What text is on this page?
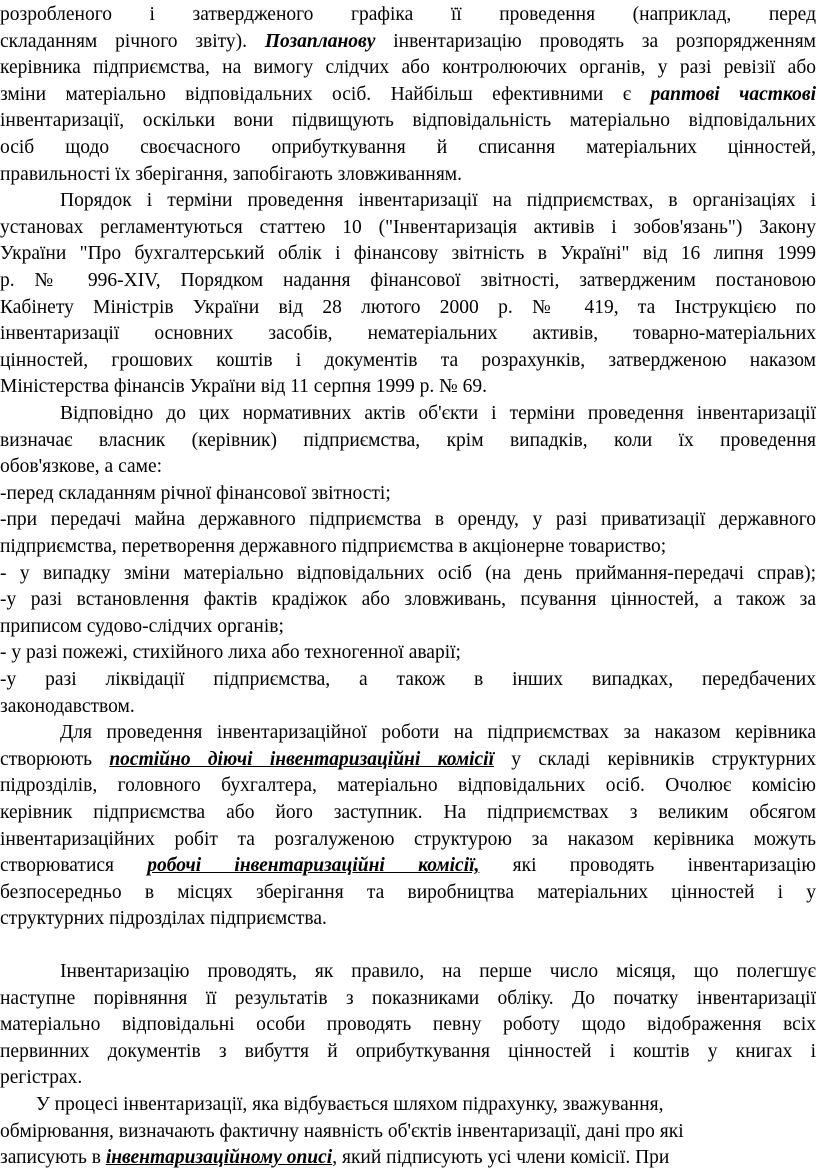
розробленого і затвердженого графіка її проведення (наприклад, перед
складанням річного звіту). Позапланову інвентаризацію проводять за розпорядженням
керівника підприємства, на вимогу слідчих або контролюючих органів, у разі ревізії або
зміни матеріально відповідальних осіб. Найбільш ефективними є раптові часткові
інвентаризації, оскільки вони підвищують відповідальність матеріально відповідальних
осіб щодо своєчасного оприбуткування й списання матеріальних цінностей,
правильності їх зберігання, запобігають зловживанням.
Порядок і терміни проведення інвентаризації на підприємствах, в організаціях і
установах регламентуються статтею 10 ("Інвентаризація активів і зобов'язань") Закону
України "Про бухгалтерський облік і фінансову звітність в Україні" від 16 липня 1999
р. № 996-XIV, Порядком надання фінансової звітності, затвердженим постановою
Кабінету Міністрів України від 28 лютого 2000 р. № 419, та Інструкцією по
інвентаризації основних засобів, нематеріальних активів, товарно-матеріальних
цінностей, грошових коштів і документів та розрахунків, затвердженою наказом
Міністерства фінансів України від 11 серпня 1999 р. № 69.
Відповідно до цих нормативних актів об'єкти і терміни проведення інвентаризації
визначає власник (керівник) підприємства, крім випадків, коли їх проведення
обов'язкове, а саме:
-перед складанням річної фінансової звітності;
-при передачі майна державного підприємства в оренду, у разі приватизації державного
підприємства, перетворення державного підприємства в акціонерне товариство;
- у випадку зміни матеріально відповідальних осіб (на день приймання-передачі справ);
-у разі встановлення фактів крадіжок або зловживань, псування цінностей, а також за
приписом судово-слідчих органів;
- у разі пожежі, стихійного лиха або техногенної аварії;
-у разі ліквідації підприємства, а також в інших випадках, передбачених
законодавством.
Для проведення інвентаризаційної роботи на підприємствах за наказом керівника
створюють постійно діючі інвентаризаційні комісії у складі керівників структурних
підрозділів, головного бухгалтера, матеріально відповідальних осіб. Очолює комісію
керівник підприємства або його заступник. На підприємствах з великим обсягом
інвентаризаційних робіт та розгалуженою структурою за наказом керівника можуть
створюватися робочі інвентаризаційні комісії, які проводять інвентаризацію
безпосередньо в місцях зберігання та виробництва матеріальних цінностей і у
структурних підрозділах підприємства.
Інвентаризацію проводять, як правило, на перше число місяця, що полегшує
наступне порівняння її результатів з показниками обліку. До початку інвентаризації
матеріально відповідальні особи проводять певну роботу щодо відображення всіх
первинних документів з вибуття й оприбуткування цінностей і коштів у книгах і
регістрах.
У процесі інвентаризації, яка відбувається шляхом підрахунку, зважування,
обмірювання, визначають фактичну наявність об'єктів інвентаризації, дані про які
записують в інвентаризаційному описі, який підписують усі члени комісії. При
